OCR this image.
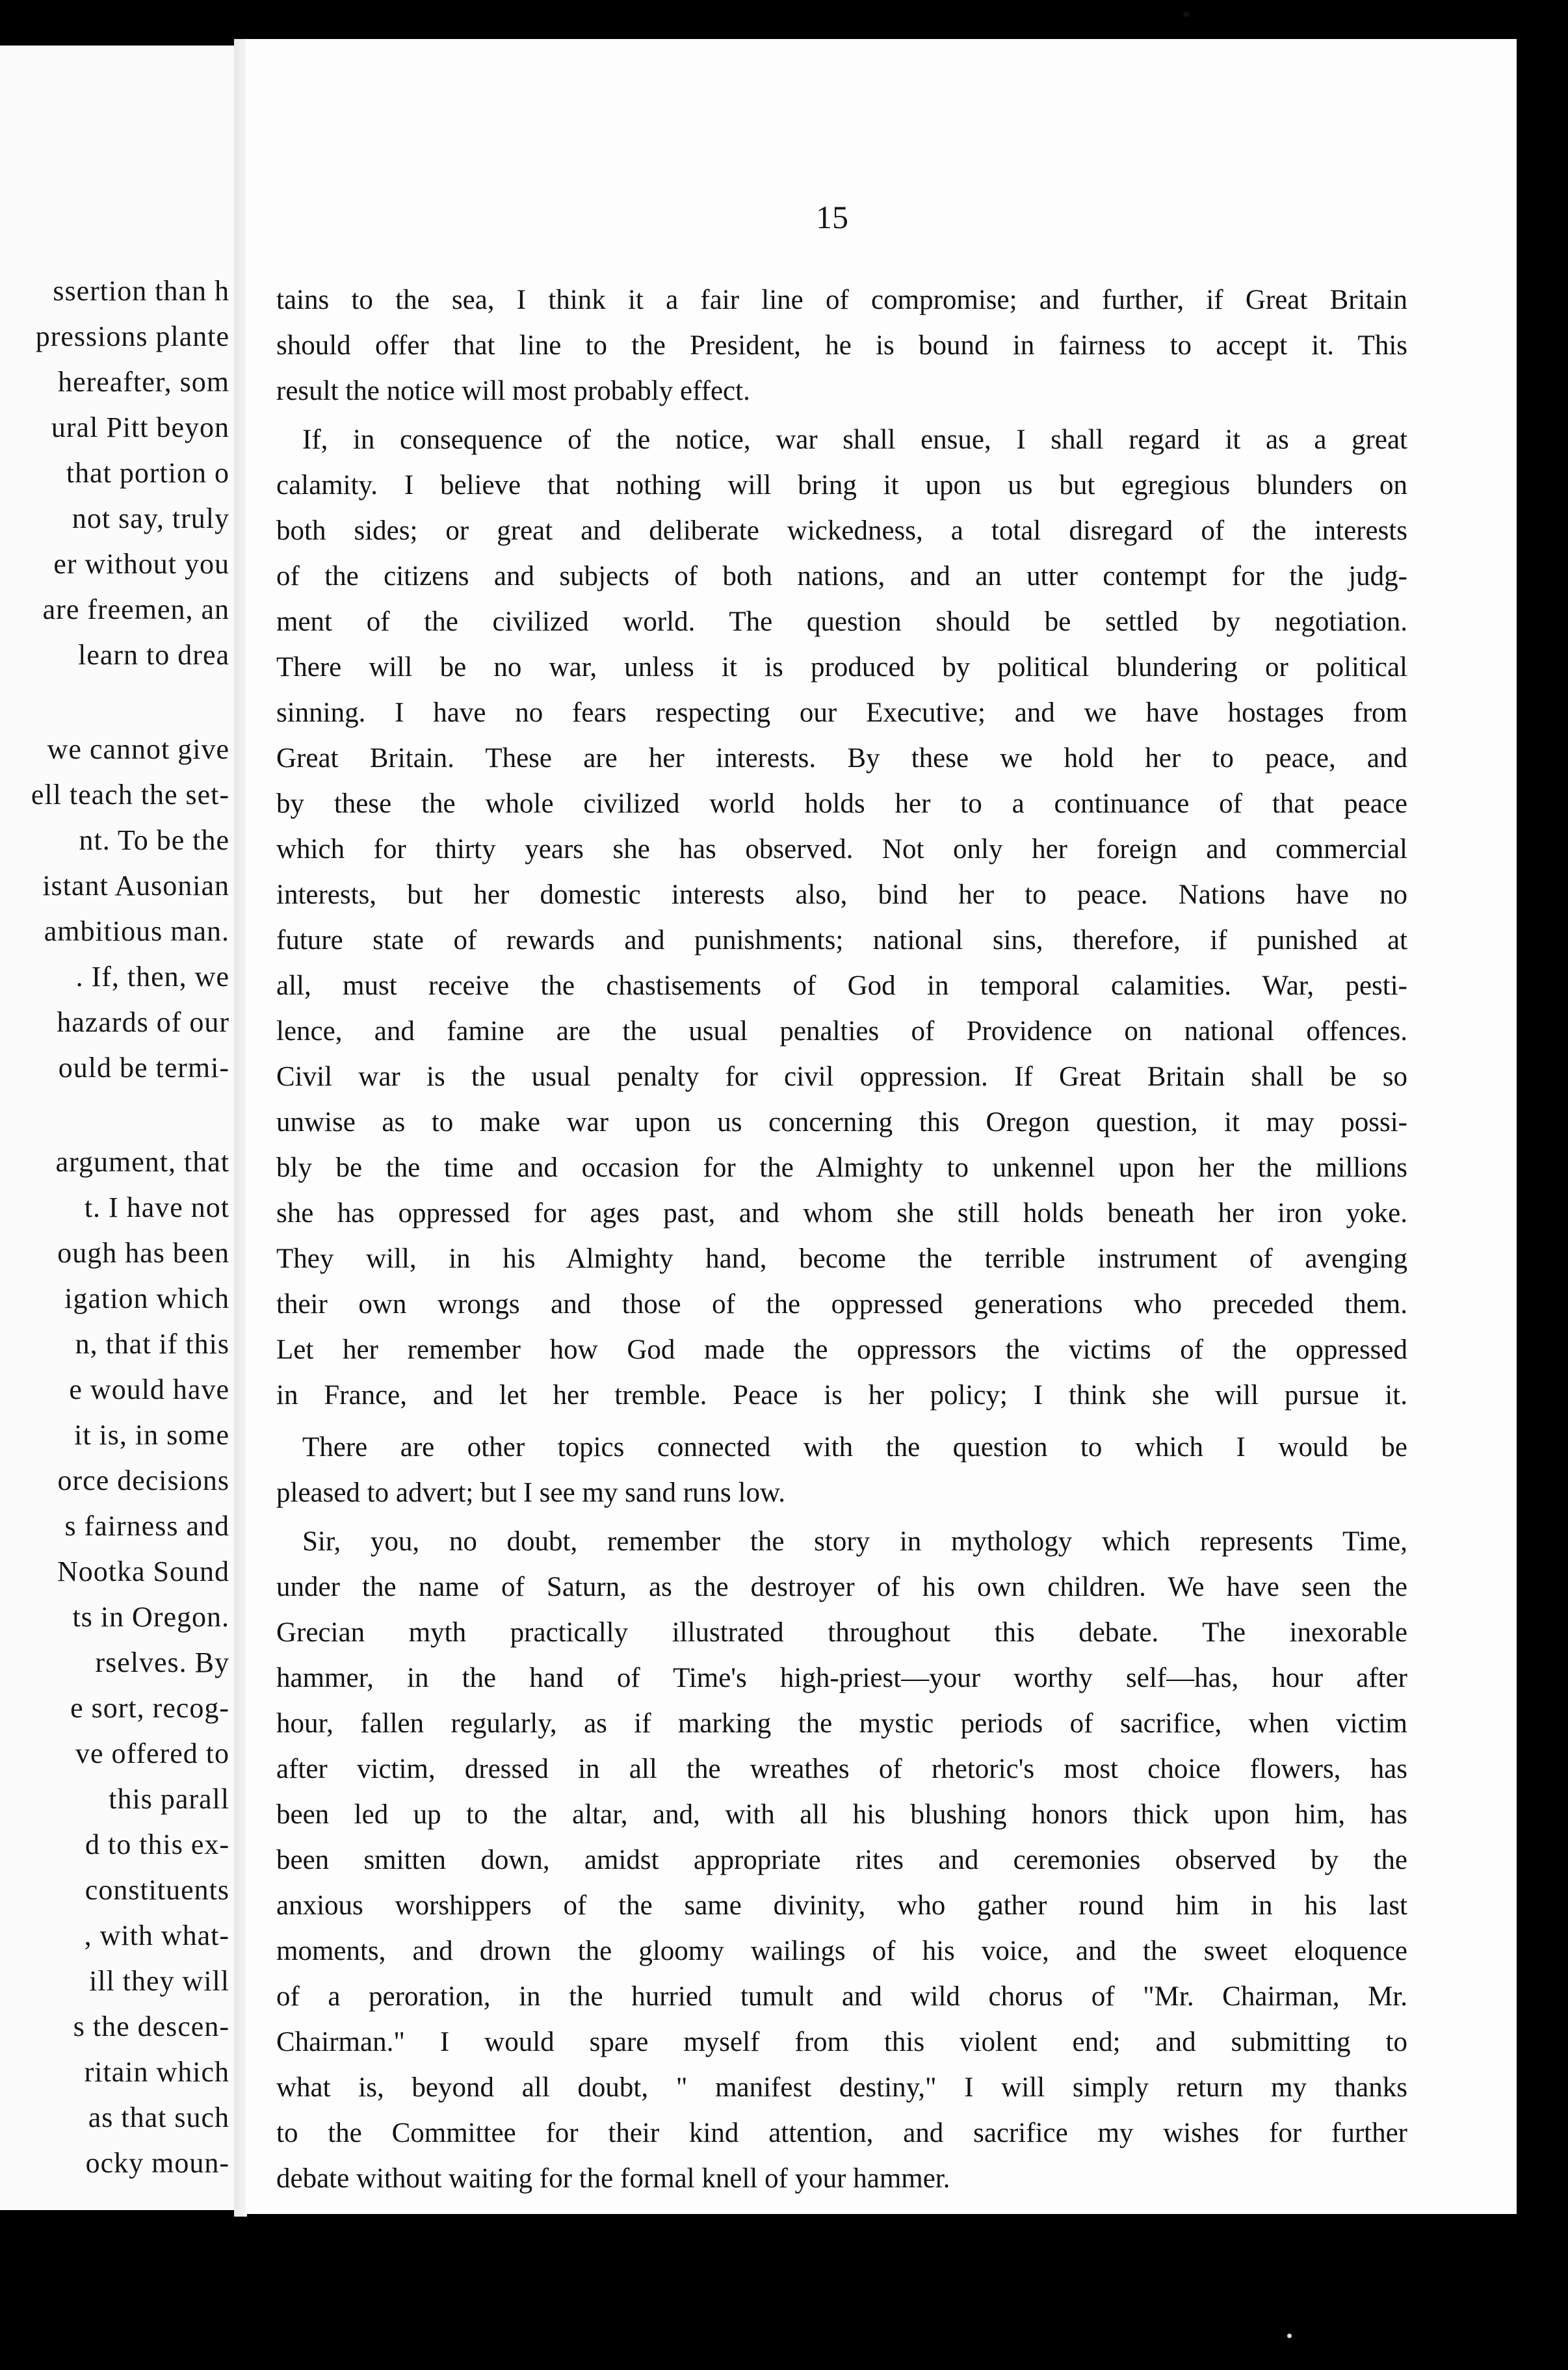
ssertion than h
pressions plante
hereafter, som
ural Pitt beyon
that portion o
not say, truly
er without you
are freemen, an
learn to drea
we cannot give
ell teach the set-
nt. To be the
istant Ausonian
ambitious man.
. If, then, we
hazards of our
ould be termi-
argument, that
t. I have not
ough has been
igation which
n, that if this
e would have
it is, in some
orce decisions
s fairness and
Nootka Sound
ts in Oregon.
rselves. By
e sort, recog-
ve offered to
this parall
d to this ex-
constituents
, with what-
ill they will
s the descen-
ritain which
as that such
ocky moun-
15
tains to the sea, I think it a fair line of compromise; and further, if Great Britain
should offer that line to the President, he is bound in fairness to accept it. This
result the notice will most probably effect.
If, in consequence of the notice, war shall ensue, I shall regard it as a great
calamity. I believe that nothing will bring it upon us but egregious blunders on
both sides; or great and deliberate wickedness, a total disregard of the interests
of the citizens and subjects of both nations, and an utter contempt for the judg-
ment of the civilized world. The question should be settled by negotiation.
There will be no war, unless it is produced by political blundering or political
sinning. I have no fears respecting our Executive; and we have hostages from
Great Britain. These are her interests. By these we hold her to peace, and
by these the whole civilized world holds her to a continuance of that peace
which for thirty years she has observed. Not only her foreign and commercial
interests, but her domestic interests also, bind her to peace. Nations have no
future state of rewards and punishments; national sins, therefore, if punished at
all, must receive the chastisements of God in temporal calamities. War, pesti-
lence, and famine are the usual penalties of Providence on national offences.
Civil war is the usual penalty for civil oppression. If Great Britain shall be so
unwise as to make war upon us concerning this Oregon question, it may possi-
bly be the time and occasion for the Almighty to unkennel upon her the millions
she has oppressed for ages past, and whom she still holds beneath her iron yoke.
They will, in his Almighty hand, become the terrible instrument of avenging
their own wrongs and those of the oppressed generations who preceded them.
Let her remember how God made the oppressors the victims of the oppressed
in France, and let her tremble. Peace is her policy; I think she will pursue it.
There are other topics connected with the question to which I would be
pleased to advert; but I see my sand runs low.
Sir, you, no doubt, remember the story in mythology which represents Time,
under the name of Saturn, as the destroyer of his own children. We have seen the
Grecian myth practically illustrated throughout this debate. The inexorable
hammer, in the hand of Time's high-priest—your worthy self—has, hour after
hour, fallen regularly, as if marking the mystic periods of sacrifice, when victim
after victim, dressed in all the wreathes of rhetoric's most choice flowers, has
been led up to the altar, and, with all his blushing honors thick upon him, has
been smitten down, amidst appropriate rites and ceremonies observed by the
anxious worshippers of the same divinity, who gather round him in his last
moments, and drown the gloomy wailings of his voice, and the sweet eloquence
of a peroration, in the hurried tumult and wild chorus of "Mr. Chairman, Mr.
Chairman." I would spare myself from this violent end; and submitting to
what is, beyond all doubt, " manifest destiny," I will simply return my thanks
to the Committee for their kind attention, and sacrifice my wishes for further
debate without waiting for the formal knell of your hammer.
